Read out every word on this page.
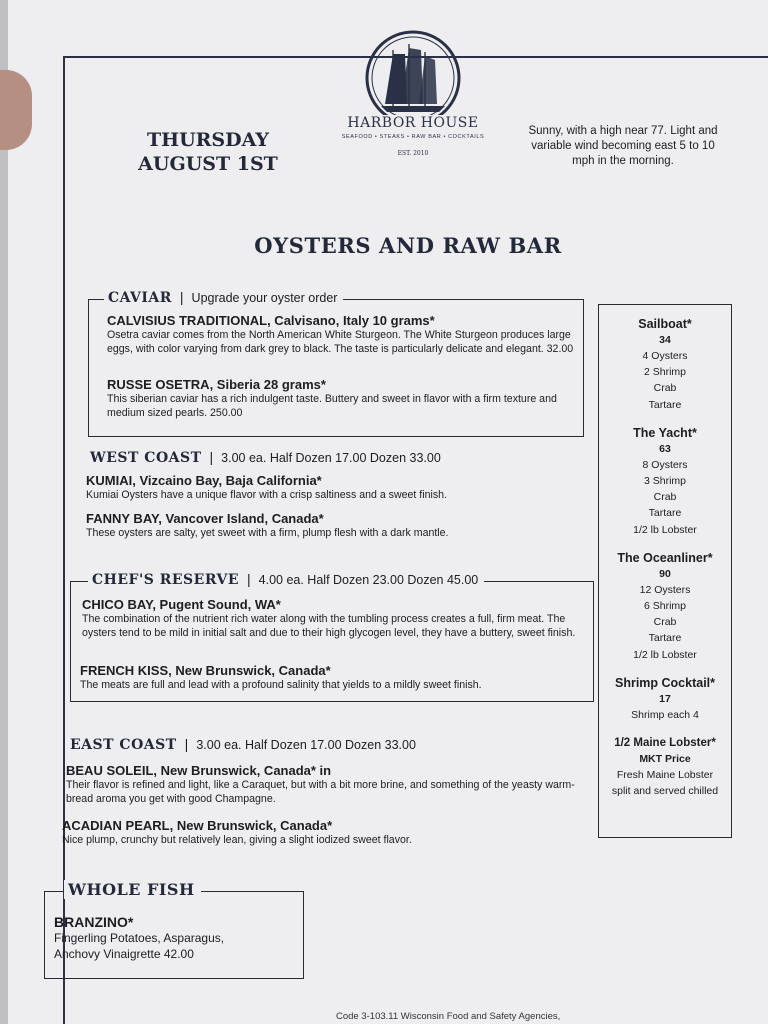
HARBOR HOUSE
SEAFOOD • STEAKS • RAW BAR • COCKTAILS
EST. 2010
THURSDAY
AUGUST 1ST
Sunny, with a high near 77. Light and variable wind becoming east 5 to 10 mph in the morning.
OYSTERS AND RAW BAR
CAVIAR | Upgrade your oyster order
CALVISIUS TRADITIONAL, Calvisano, Italy 10 grams*
Osetra caviar comes from the North American White Sturgeon. The White Sturgeon produces large eggs, with color varying from dark grey to black. The taste is particularly delicate and elegant. 32.00
RUSSE OSETRA, Siberia 28 grams*
This siberian caviar has a rich indulgent taste. Buttery and sweet in flavor with a firm texture and medium sized pearls. 250.00
WEST COAST | 3.00 ea. Half Dozen 17.00 Dozen 33.00
KUMIAI, Vizcaino Bay, Baja California*
Kumiai Oysters have a unique flavor with a crisp saltiness and a sweet finish.
FANNY BAY, Vancover Island, Canada*
These oysters are salty, yet sweet with a firm, plump flesh with a dark mantle.
CHEF'S RESERVE | 4.00 ea. Half Dozen 23.00 Dozen 45.00
CHICO BAY, Pugent Sound, WA*
The combination of the nutrient rich water along with the tumbling process creates a full, firm meat. The oysters tend to be mild in initial salt and due to their high glycogen level, they have a buttery, sweet finish.
FRENCH KISS, New Brunswick, Canada*
The meats are full and lead with a profound salinity that yields to a mildly sweet finish.
EAST COAST | 3.00 ea. Half Dozen 17.00 Dozen 33.00
BEAU SOLEIL, New Brunswick, Canada* in
Their flavor is refined and light, like a Caraquet, but with a bit more brine, and something of the yeasty warm-bread aroma you get with good Champagne.
ACADIAN PEARL, New Brunswick, Canada*
Nice plump, crunchy but relatively lean, giving a slight iodized sweet flavor.
WHOLE FISH
BRANZINO*
Fingerling Potatoes, Asparagus,
Anchovy Vinaigrette 42.00
Sailboat*
34
4 Oysters
2 Shrimp
Crab
Tartare
The Yacht*
63
8 Oysters
3 Shrimp
Crab
Tartare
1/2 lb Lobster
The Oceanliner*
90
12 Oysters
6 Shrimp
Crab
Tartare
1/2 lb Lobster
Shrimp Cocktail*
17
Shrimp each 4
1/2 Maine Lobster*
MKT Price
Fresh Maine Lobster
split and served chilled
Code 3-103.11 Wisconsin Food and Safety Agencies,
